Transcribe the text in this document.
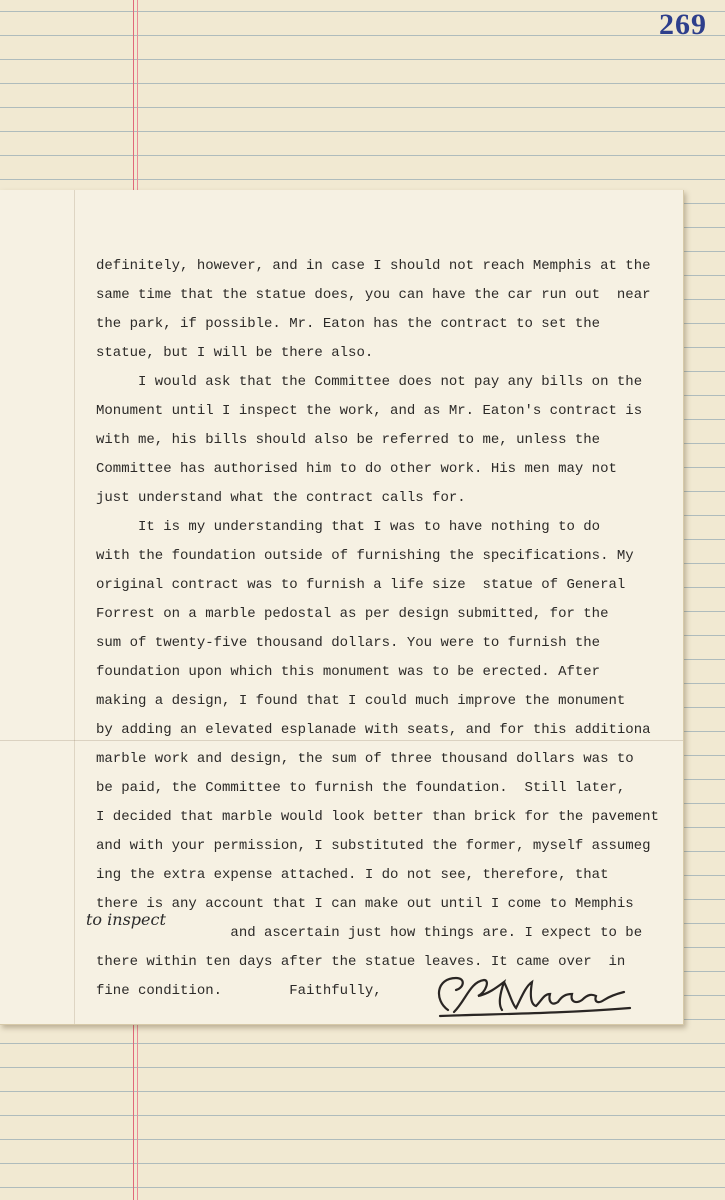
269
definitely, however, and in case I should not reach Memphis at the
same time that the statue does, you can have the car run out  near
the park, if possible. Mr. Eaton has the contract to set the
statue, but I will be there also.
I would ask that the Committee does not pay any bills on the
Monument until I inspect the work, and as Mr. Eaton's contract is
with me, his bills should also be referred to me, unless the
Committee has authorised him to do other work. His men may not
just understand what the contract calls for.
It is my understanding that I was to have nothing to do
with the foundation outside of furnishing the specifications. My
original contract was to furnish a life size  statue of General
Forrest on a marble pedostal as per design submitted, for the
sum of twenty-five thousand dollars. You were to furnish the
foundation upon which this monument was to be erected. After
making a design, I found that I could much improve the monument
by adding an elevated esplanade with seats, and for this additiona
marble work and design, the sum of three thousand dollars was to
be paid, the Committee to furnish the foundation.  Still later,
I decided that marble would look better than brick for the pavement
and with your permission, I substituted the former, myself assumeg
ing the extra expense attached. I do not see, therefore, that
there is any account that I can make out until I come to Memphis
and ascertain just how things are. I expect to be
there within ten days after the statue leaves. It came over  in
fine condition.        Faithfully,
to inspect
